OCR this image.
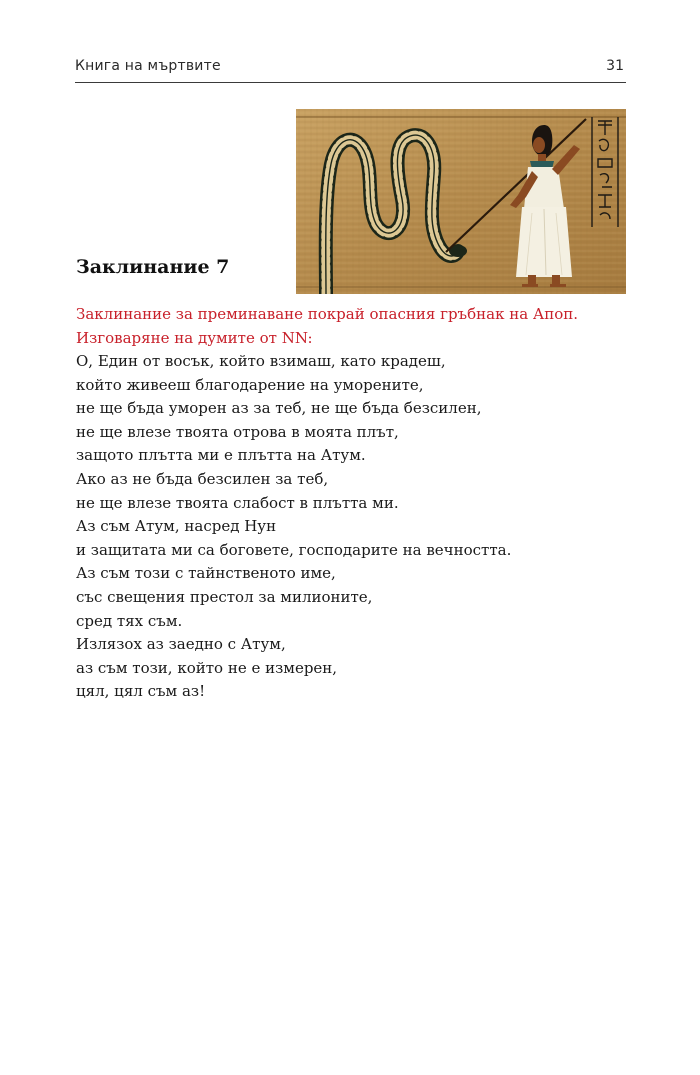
Книга на мъртвите	31
Заклинание 7
Заклинание за преминаване покрай опасния гръбнак на Апоп.
Изговаряне на думите от NN:
О, Един от восък, който взимаш, като крадеш,
който живееш благодарение на уморените,
не ще бъда уморен аз за теб, не ще бъда безсилен,
не ще влезе твоята отрова в моята плът,
защото плътта ми е плътта на Атум.
Ако аз не бъда безсилен за теб,
не ще влезе твоята слабост в плътта ми.
Аз съм Атум, насред Нун
и защитата ми са боговете, господарите на вечността.
Аз съм този с тайнственото име,
със свещения престол за милионите,
сред тях съм.
Излязох аз заедно с Атум,
аз съм този, който не е измерен,
цял, цял съм аз!
